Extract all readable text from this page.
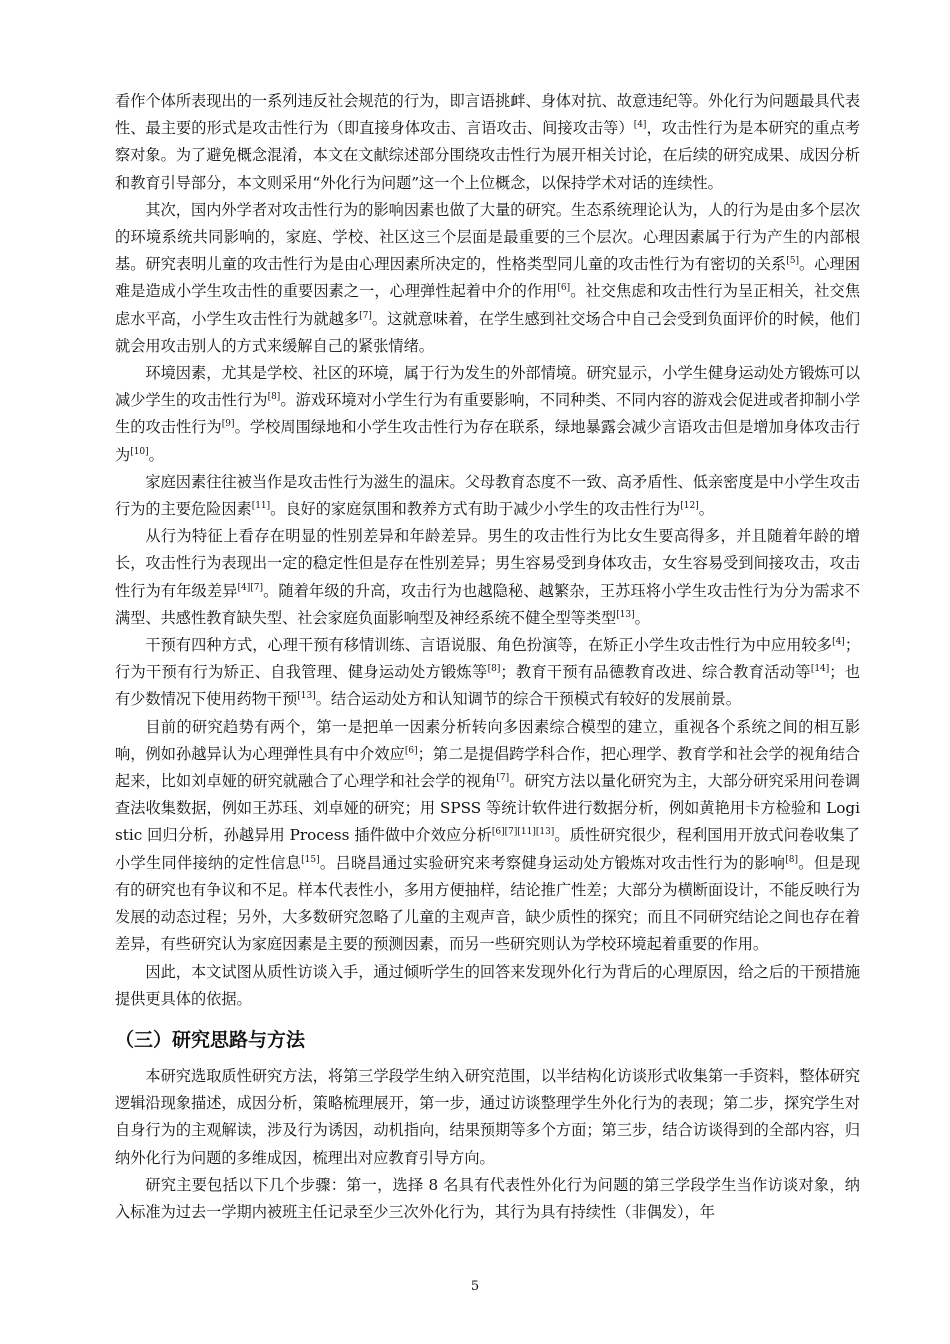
看作个体所表现出的一系列违反社会规范的行为，即言语挑衅、身体对抗、故意违纪等。外化行为问题最具代表性、最主要的形式是攻击性行为（即直接身体攻击、言语攻击、间接攻击等）[4]，攻击性行为是本研究的重点考察对象。为了避免概念混淆，本文在文献综述部分围绕攻击性行为展开相关讨论，在后续的研究成果、成因分析和教育引导部分，本文则采用“外化行为问题”这一个上位概念，以保持学术对话的连续性。

其次，国内外学者对攻击性行为的影响因素也做了大量的研究。生态系统理论认为，人的行为是由多个层次的环境系统共同影响的，家庭、学校、社区这三个层面是最重要的三个层次。心理因素属于行为产生的内部根基。研究表明儿童的攻击性行为是由心理因素所决定的，性格类型同儿童的攻击性行为有密切的关系[5]。心理困难是造成小学生攻击性的重要因素之一，心理弹性起着中介的作用[6]。社交焦虑和攻击性行为呈正相关，社交焦虑水平高，小学生攻击性行为就越多[7]。这就意味着，在学生感到社交场合中自己会受到负面评价的时候，他们就会用攻击别人的方式来缓解自己的紧张情绪。

环境因素，尤其是学校、社区的环境，属于行为发生的外部情境。研究显示，小学生健身运动处方锻炼可以减少学生的攻击性行为[8]。游戏环境对小学生行为有重要影响，不同种类、不同内容的游戏会促进或者抑制小学生的攻击性行为[9]。学校周围绿地和小学生攻击性行为存在联系，绿地暴露会减少言语攻击但是增加身体攻击行为[10]。

家庭因素往往被当作是攻击性行为滋生的温床。父母教育态度不一致、高矛盾性、低亲密度是中小学生攻击行为的主要危险因素[11]。良好的家庭氛围和教养方式有助于减少小学生的攻击性行为[12]。

从行为特征上看存在明显的性别差异和年龄差异。男生的攻击性行为比女生要高得多，并且随着年龄的增长，攻击性行为表现出一定的稳定性但是存在性别差异；男生容易受到身体攻击，女生容易受到间接攻击，攻击性行为有年级差异[4][7]。随着年级的升高，攻击行为也越隐秘、越繁杂，王苏珏将小学生攻击性行为分为需求不满型、共感性教育缺失型、社会家庭负面影响型及神经系统不健全型等类型[13]。

干预有四种方式，心理干预有移情训练、言语说服、角色扮演等，在矫正小学生攻击性行为中应用较多[4]；行为干预有行为矫正、自我管理、健身运动处方锻炼等[8]；教育干预有品德教育改进、综合教育活动等[14]；也有少数情况下使用药物干预[13]。结合运动处方和认知调节的综合干预模式有较好的发展前景。

目前的研究趋势有两个，第一是把单一因素分析转向多因素综合模型的建立，重视各个系统之间的相互影响，例如孙越异认为心理弹性具有中介效应[6]；第二是提倡跨学科合作，把心理学、教育学和社会学的视角结合起来，比如刘卓娅的研究就融合了心理学和社会学的视角[7]。研究方法以量化研究为主，大部分研究采用问卷调查法收集数据，例如王苏珏、刘卓娅的研究；用 SPSS 等统计软件进行数据分析，例如黄艳用卡方检验和 Logistic 回归分析，孙越异用 Process 插件做中介效应分析[6][7][11][13]。质性研究很少，程利国用开放式问卷收集了小学生同伴接纳的定性信息[15]。吕晓昌通过实验研究来考察健身运动处方锻炼对攻击性行为的影响[8]。但是现有的研究也有争议和不足。样本代表性小，多用方便抽样，结论推广性差；大部分为横断面设计，不能反映行为发展的动态过程；另外，大多数研究忽略了儿童的主观声音，缺少质性的探究；而且不同研究结论之间也存在着差异，有些研究认为家庭因素是主要的预测因素，而另一些研究则认为学校环境起着重要的作用。

因此，本文试图从质性访谈入手，通过倾听学生的回答来发现外化行为背后的心理原因，给之后的干预措施提供更具体的依据。

（三）研究思路与方法

本研究选取质性研究方法，将第三学段学生纳入研究范围，以半结构化访谈形式收集第一手资料，整体研究逻辑沿现象描述，成因分析，策略梳理展开，第一步，通过访谈整理学生外化行为的表现；第二步，探究学生对自身行为的主观解读，涉及行为诱因，动机指向，结果预期等多个方面；第三步，结合访谈得到的全部内容，归纳外化行为问题的多维成因，梳理出对应教育引导方向。

研究主要包括以下几个步骤：第一，选择 8 名具有代表性外化行为问题的第三学段学生当作访谈对象，纳入标准为过去一学期内被班主任记录至少三次外化行为，其行为具有持续性（非偶发），年

5
